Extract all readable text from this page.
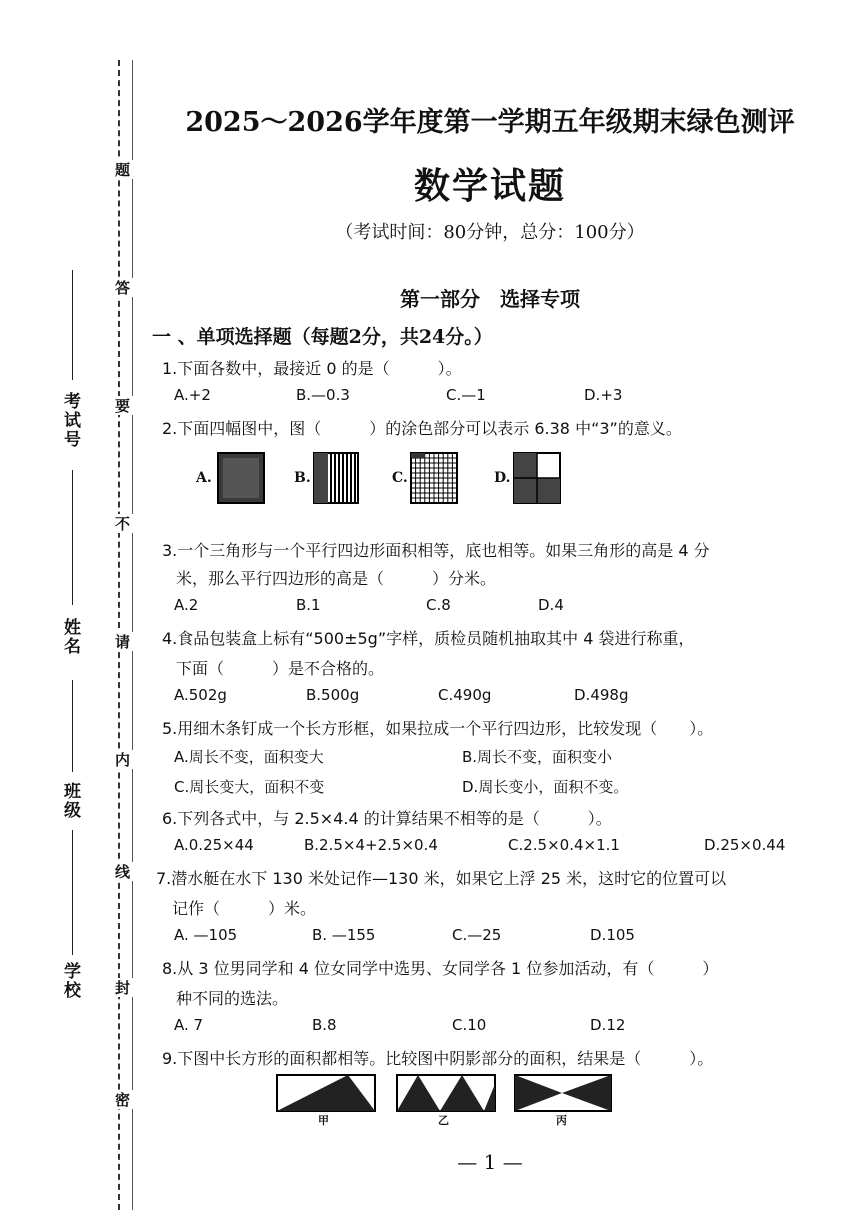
考试号
姓名
班级
学校
题
答
要
不
请
内
线
封
密
2025～2026学年度第一学期五年级期末绿色测评
数学试题
（考试时间：80分钟，总分：100分）
第一部分　选择专项
一 、单项选择题（每题2分，共24分。）
1.下面各数中，最接近 0 的是（　　　）。
A.+2	B.—0.3	C.—1	D.+3
2.下面四幅图中，图（　　　）的涂色部分可以表示 6.38 中“3”的意义。
A.	B.	C.	D.
3.一个三角形与一个平行四边形面积相等，底也相等。如果三角形的高是 4 分
米，那么平行四边形的高是（　　　）分米。
A.2	B.1	C.8	D.4
4.食品包装盒上标有“500±5g”字样，质检员随机抽取其中 4 袋进行称重，
下面（　　　）是不合格的。
A.502g	B.500g	C.490g	D.498g
5.用细木条钉成一个长方形框，如果拉成一个平行四边形，比较发现（　　）。
A.周长不变，面积变大	B.周长不变，面积变小
C.周长变大，面积不变	D.周长变小，面积不变。
6.下列各式中，与 2.5×4.4 的计算结果不相等的是（　　　）。
A.0.25×44	B.2.5×4+2.5×0.4	C.2.5×0.4×1.1	D.25×0.44
7.潜水艇在水下 130 米处记作—130 米，如果它上浮 25 米，这时它的位置可以
记作（　　　）米。
A. —105	B. —155	C.—25	D.105
8.从 3 位男同学和 4 位女同学中选男、女同学各 1 位参加活动，有（　　　）
种不同的选法。
A. 7	B.8	C.10	D.12
9.下图中长方形的面积都相等。比较图中阴影部分的面积，结果是（　　　）。
甲	乙	丙
— 1 —
